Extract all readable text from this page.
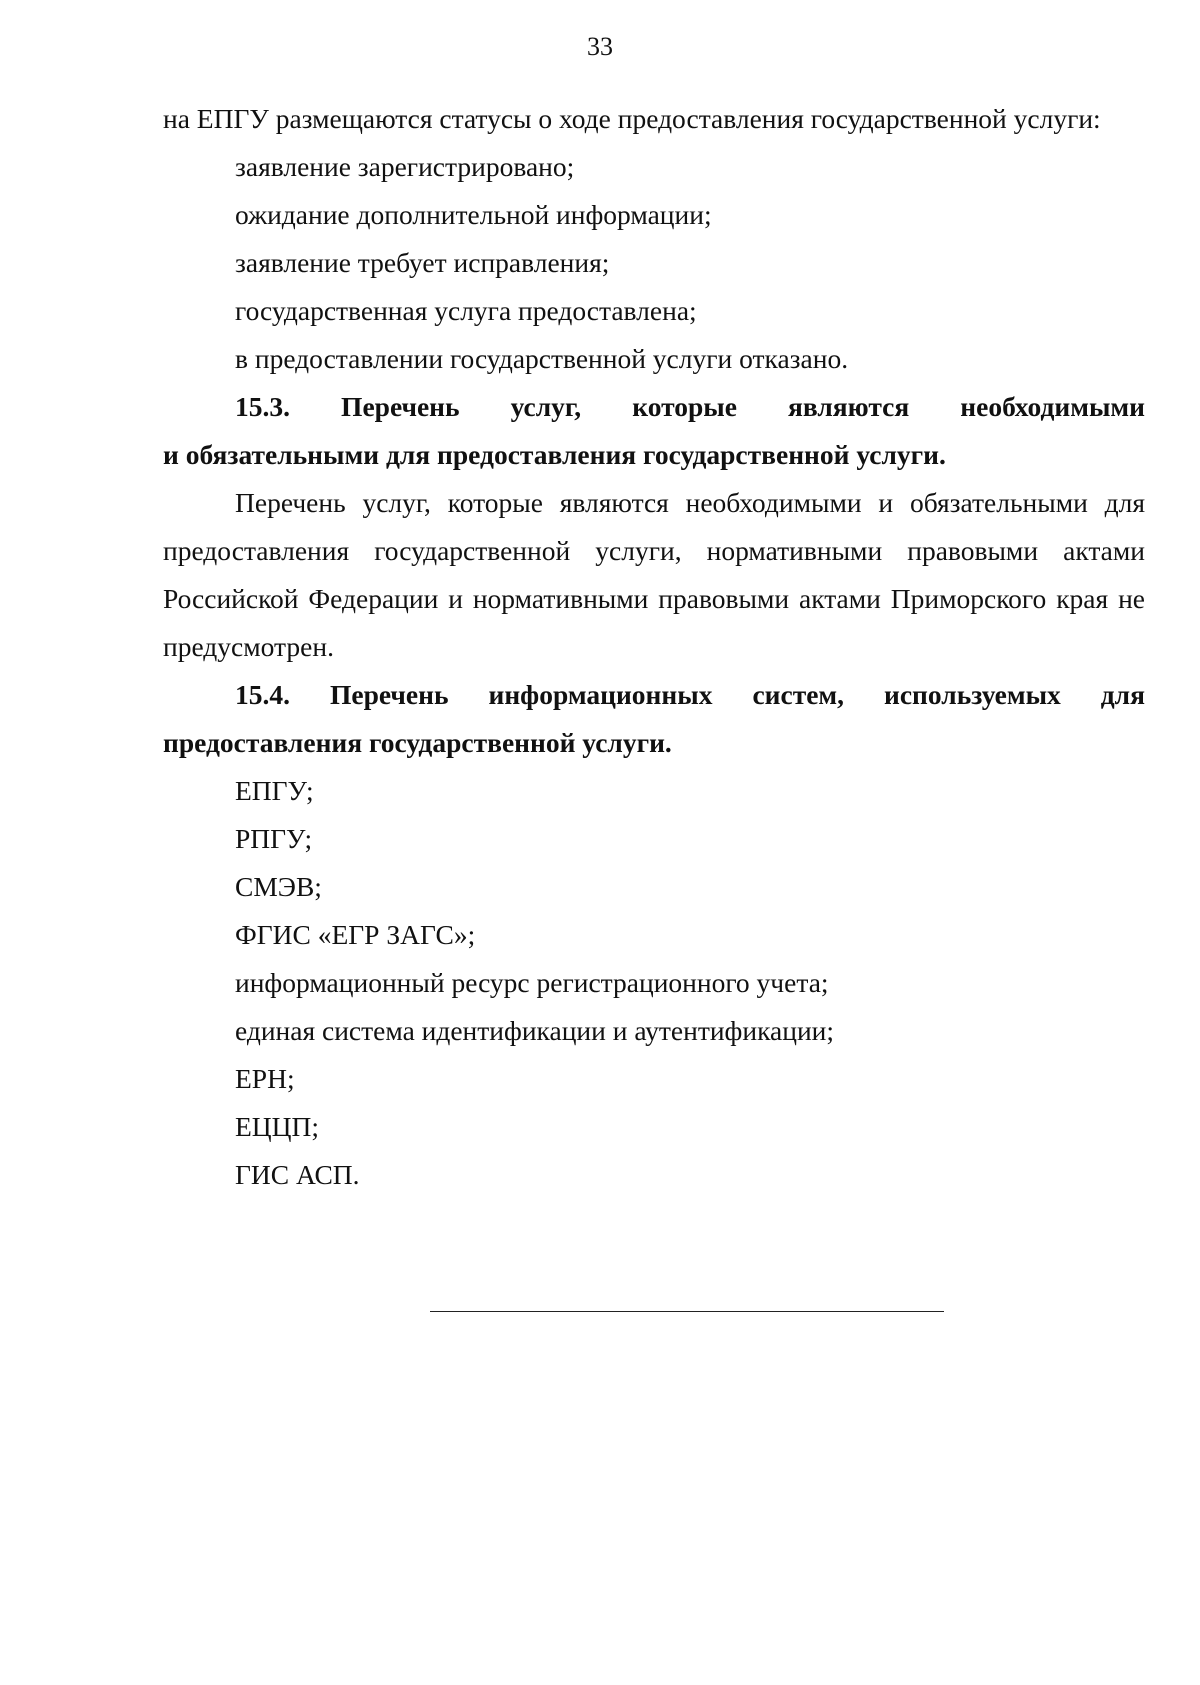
33

на ЕПГУ размещаются статусы о ходе предоставления государственной услуги:

заявление зарегистрировано;

ожидание дополнительной информации;

заявление требует исправления;

государственная услуга предоставлена;

в предоставлении государственной услуги отказано.

15.3. Перечень услуг, которые являются необходимыми

и обязательными для предоставления государственной услуги.

Перечень услуг, которые являются необходимыми и обязательными для предоставления государственной услуги, нормативными правовыми актами Российской Федерации и нормативными правовыми актами Приморского края не предусмотрен.

15.4. Перечень информационных систем, используемых для

предоставления государственной услуги.

ЕПГУ;

РПГУ;

СМЭВ;

ФГИС «ЕГР ЗАГС»;

информационный ресурс регистрационного учета;

единая система идентификации и аутентификации;

ЕРН;

ЕЦЦП;

ГИС АСП.
